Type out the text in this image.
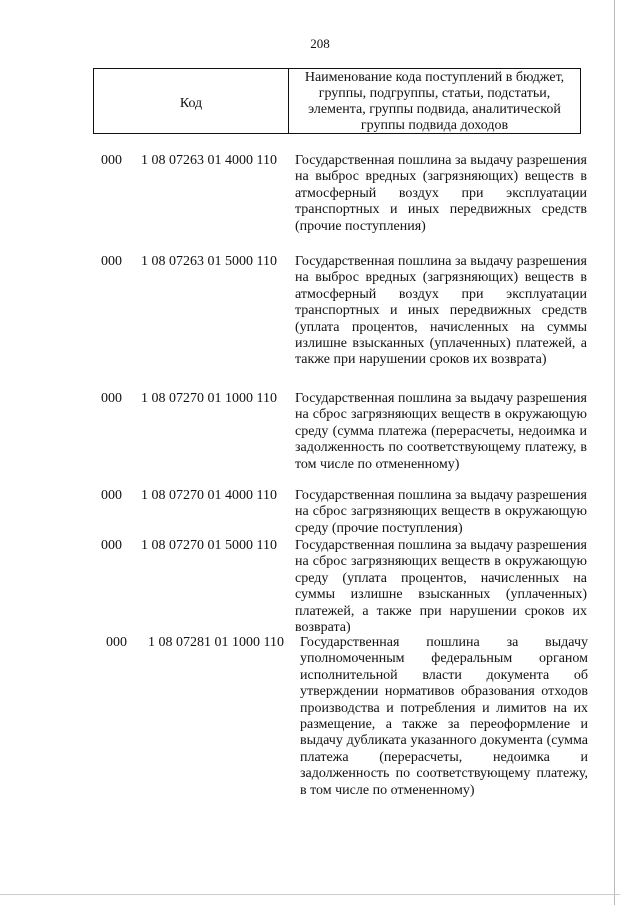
208
Код
Наименование кода поступлений в бюджет, группы, подгруппы, статьи, подстатьи, элемента, группы подвида, аналитической группы подвида доходов
000	1 08 07263 01 4000 110	Государственная пошлина за выдачу разрешения на выброс вредных (загрязняющих) веществ в атмосферный воздух при эксплуатации транспортных и иных передвижных средств (прочие поступления)
000	1 08 07263 01 5000 110	Государственная пошлина за выдачу разрешения на выброс вредных (загрязняющих) веществ в атмосферный воздух при эксплуатации транспортных и иных передвижных средств (уплата процентов, начисленных на суммы излишне взысканных (уплаченных) платежей, а также при нарушении сроков их возврата)
000	1 08 07270 01 1000 110	Государственная пошлина за выдачу разрешения на сброс загрязняющих веществ в окружающую среду (сумма платежа (перерасчеты, недоимка и задолженность по соответствующему платежу, в том числе по отмененному)
000	1 08 07270 01 4000 110	Государственная пошлина за выдачу разрешения на сброс загрязняющих веществ в окружающую среду (прочие поступления)
000	1 08 07270 01 5000 110	Государственная пошлина за выдачу разрешения на сброс загрязняющих веществ в окружающую среду (уплата процентов, начисленных на суммы излишне взысканных (уплаченных) платежей, а также при нарушении сроков их возврата)
000	1 08 07281 01 1000 110	Государственная пошлина за выдачу уполномоченным федеральным органом исполнительной власти документа об утверждении нормативов образования отходов производства и потребления и лимитов на их размещение, а также за переоформление и выдачу дубликата указанного документа (сумма платежа (перерасчеты, недоимка и задолженность по соответствующему платежу, в том числе по отмененному)
